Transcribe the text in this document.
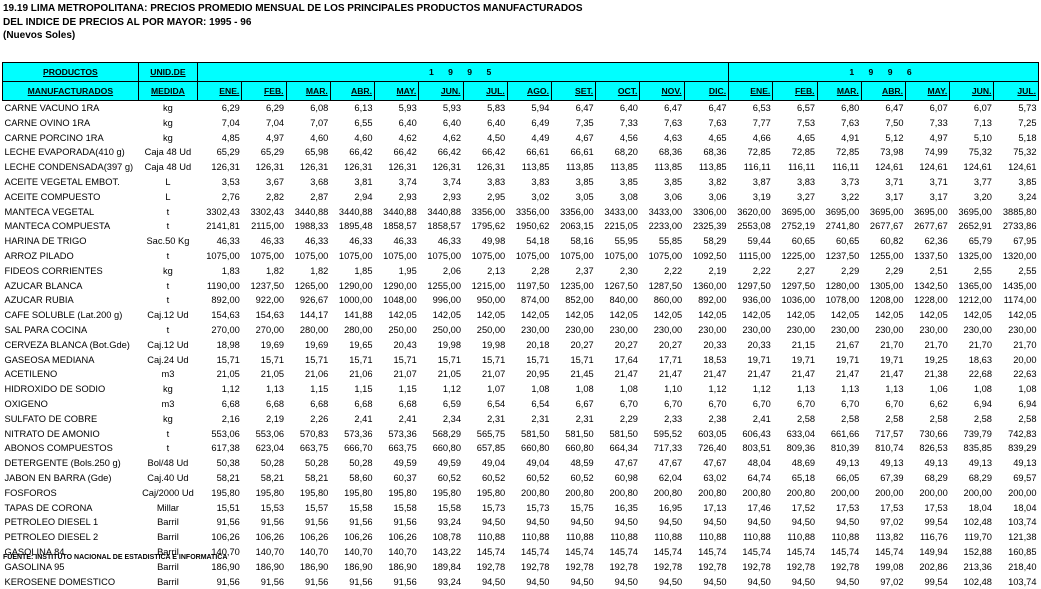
19.19 LIMA METROPOLITANA: PRECIOS PROMEDIO MENSUAL DE LOS PRINCIPALES PRODUCTOS MANUFACTURADOS
DEL INDICE DE PRECIOS AL POR MAYOR: 1995 - 96
(Nuevos Soles)
PRODUCTOS	UNID.DE	1 9 9 5												1 9 9 6						
MANUFACTURADOS	MEDIDA	ENE.	FEB.	MAR.	ABR.	MAY.	JUN.	JUL.	AGO.	SET.	OCT.	NOV.	DIC.	ENE.	FEB.	MAR.	ABR.	MAY.	JUN.	JUL.
CARNE VACUNO 1RA	kg	6,29	6,29	6,08	6,13	5,93	5,93	5,83	5,94	6,47	6,40	6,47	6,47	6,53	6,57	6,80	6,47	6,07	6,07	5,73
CARNE OVINO 1RA	kg	7,04	7,04	7,07	6,55	6,40	6,40	6,40	6,49	7,35	7,33	7,63	7,63	7,77	7,53	7,63	7,50	7,33	7,13	7,25
CARNE PORCINO 1RA	kg	4,85	4,97	4,60	4,60	4,62	4,62	4,50	4,49	4,67	4,56	4,63	4,65	4,66	4,65	4,91	5,12	4,97	5,10	5,18
LECHE EVAPORADA(410 g)	Caja 48 Ud	65,29	65,29	65,98	66,42	66,42	66,42	66,42	66,61	66,61	68,20	68,36	68,36	72,85	72,85	72,85	73,98	74,99	75,32	75,32
LECHE CONDENSADA(397 g)	Caja 48 Ud	126,31	126,31	126,31	126,31	126,31	126,31	126,31	113,85	113,85	113,85	113,85	113,85	116,11	116,11	116,11	124,61	124,61	124,61	124,61
ACEITE VEGETAL EMBOT.	L	3,53	3,67	3,68	3,81	3,74	3,74	3,83	3,83	3,85	3,85	3,85	3,82	3,87	3,83	3,73	3,71	3,71	3,77	3,85
ACEITE COMPUESTO	L	2,76	2,82	2,87	2,94	2,93	2,93	2,95	3,02	3,05	3,08	3,06	3,06	3,19	3,27	3,22	3,17	3,17	3,20	3,24
MANTECA VEGETAL	t	3302,43	3302,43	3440,88	3440,88	3440,88	3440,88	3356,00	3356,00	3356,00	3433,00	3433,00	3306,00	3620,00	3695,00	3695,00	3695,00	3695,00	3695,00	3885,80
MANTECA COMPUESTA	t	2141,81	2115,00	1988,33	1895,48	1858,57	1858,57	1795,62	1950,62	2063,15	2215,05	2233,00	2325,39	2553,08	2752,19	2741,80	2677,67	2677,67	2652,91	2733,86
HARINA DE TRIGO	Sac.50 Kg	46,33	46,33	46,33	46,33	46,33	46,33	49,98	54,18	58,16	55,95	55,85	58,29	59,44	60,65	60,65	60,82	62,36	65,79	67,95
ARROZ PILADO	t	1075,00	1075,00	1075,00	1075,00	1075,00	1075,00	1075,00	1075,00	1075,00	1075,00	1075,00	1092,50	1115,00	1225,00	1237,50	1255,00	1337,50	1325,00	1320,00
FIDEOS CORRIENTES	kg	1,83	1,82	1,82	1,85	1,95	2,06	2,13	2,28	2,37	2,30	2,22	2,19	2,22	2,27	2,29	2,29	2,51	2,55	2,55
AZUCAR BLANCA	t	1190,00	1237,50	1265,00	1290,00	1290,00	1255,00	1215,00	1197,50	1235,00	1267,50	1287,50	1360,00	1297,50	1297,50	1280,00	1305,00	1342,50	1365,00	1435,00
AZUCAR RUBIA	t	892,00	922,00	926,67	1000,00	1048,00	996,00	950,00	874,00	852,00	840,00	860,00	892,00	936,00	1036,00	1078,00	1208,00	1228,00	1212,00	1174,00
CAFE SOLUBLE (Lat.200 g)	Caj.12 Ud	154,63	154,63	144,17	141,88	142,05	142,05	142,05	142,05	142,05	142,05	142,05	142,05	142,05	142,05	142,05	142,05	142,05	142,05	142,05
SAL PARA COCINA	t	270,00	270,00	280,00	280,00	250,00	250,00	250,00	230,00	230,00	230,00	230,00	230,00	230,00	230,00	230,00	230,00	230,00	230,00	230,00
CERVEZA BLANCA (Bot.Gde)	Caj.12 Ud	18,98	19,69	19,69	19,65	20,43	19,98	19,98	20,18	20,27	20,27	20,27	20,33	20,33	21,15	21,67	21,70	21,70	21,70	21,70
GASEOSA MEDIANA	Caj.24 Ud	15,71	15,71	15,71	15,71	15,71	15,71	15,71	15,71	15,71	17,64	17,71	18,53	19,71	19,71	19,71	19,71	19,25	18,63	20,00
ACETILENO	m3	21,05	21,05	21,06	21,06	21,07	21,05	21,07	20,95	21,45	21,47	21,47	21,47	21,47	21,47	21,47	21,47	21,38	22,68	22,63
HIDROXIDO DE SODIO	kg	1,12	1,13	1,15	1,15	1,15	1,12	1,07	1,08	1,08	1,08	1,10	1,12	1,12	1,13	1,13	1,13	1,06	1,08	1,08
OXIGENO	m3	6,68	6,68	6,68	6,68	6,68	6,59	6,54	6,54	6,67	6,70	6,70	6,70	6,70	6,70	6,70	6,70	6,62	6,94	6,94
SULFATO DE COBRE	kg	2,16	2,19	2,26	2,41	2,41	2,34	2,31	2,31	2,31	2,29	2,33	2,38	2,41	2,58	2,58	2,58	2,58	2,58	2,58
NITRATO DE AMONIO	t	553,06	553,06	570,83	573,36	573,36	568,29	565,75	581,50	581,50	581,50	595,52	603,05	606,43	633,04	661,66	717,57	730,66	739,79	742,83
ABONOS COMPUESTOS	t	617,38	623,04	663,75	666,70	663,75	660,80	657,85	660,80	660,80	664,34	717,33	726,40	803,51	809,36	810,39	810,74	826,53	835,85	839,29
DETERGENTE (Bols.250 g)	Bol/48 Ud	50,38	50,28	50,28	50,28	49,59	49,59	49,04	49,04	48,59	47,67	47,67	47,67	48,04	48,69	49,13	49,13	49,13	49,13	49,13
JABON EN BARRA (Gde)	Caj.40 Ud	58,21	58,21	58,21	58,60	60,37	60,52	60,52	60,52	60,52	60,98	62,04	63,02	64,74	65,18	66,05	67,39	68,29	68,29	69,57
FOSFOROS	Caj/2000 Ud	195,80	195,80	195,80	195,80	195,80	195,80	195,80	200,80	200,80	200,80	200,80	200,80	200,80	200,80	200,00	200,00	200,00	200,00	200,00
TAPAS DE CORONA	Millar	15,51	15,53	15,57	15,58	15,58	15,58	15,73	15,73	15,75	16,35	16,95	17,13	17,46	17,52	17,53	17,53	17,53	18,04	18,04
PETROLEO DIESEL 1	Barril	91,56	91,56	91,56	91,56	91,56	93,24	94,50	94,50	94,50	94,50	94,50	94,50	94,50	94,50	94,50	97,02	99,54	102,48	103,74
PETROLEO DIESEL 2	Barril	106,26	106,26	106,26	106,26	106,26	108,78	110,88	110,88	110,88	110,88	110,88	110,88	110,88	110,88	110,88	113,82	116,76	119,70	121,38
GASOLINA 84	Barril	140,70	140,70	140,70	140,70	140,70	143,22	145,74	145,74	145,74	145,74	145,74	145,74	145,74	145,74	145,74	145,74	149,94	152,88	160,85
GASOLINA 95	Barril	186,90	186,90	186,90	186,90	186,90	189,84	192,78	192,78	192,78	192,78	192,78	192,78	192,78	192,78	192,78	199,08	202,86	213,36	218,40
KEROSENE DOMESTICO	Barril	91,56	91,56	91,56	91,56	91,56	93,24	94,50	94,50	94,50	94,50	94,50	94,50	94,50	94,50	94,50	97,02	99,54	102,48	103,74
FUENTE: INSTITUTO NACIONAL DE ESTADISTICA E INFORMATICA
